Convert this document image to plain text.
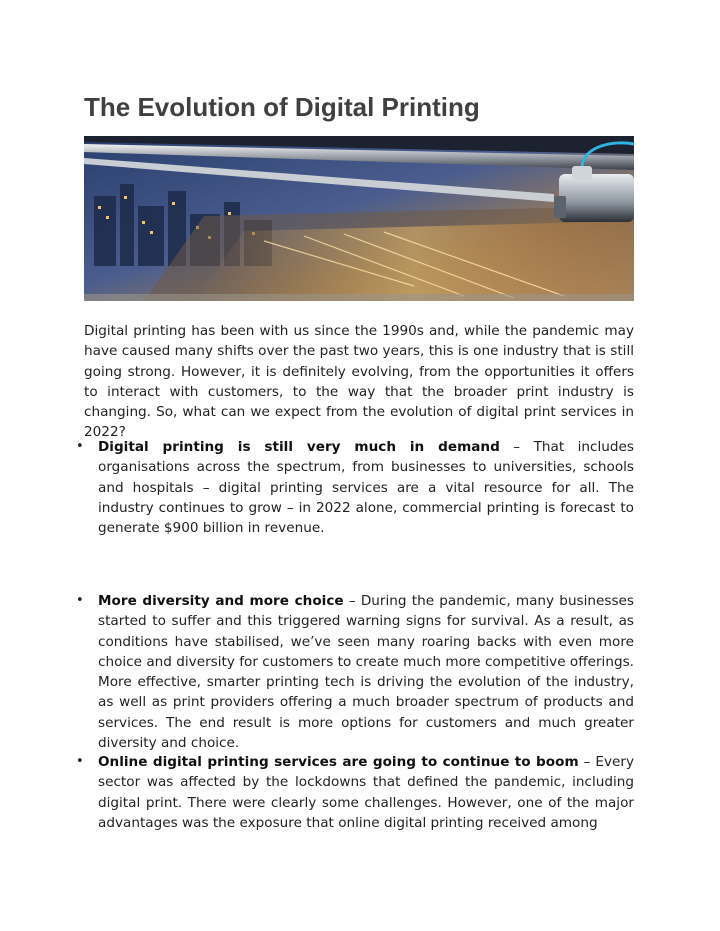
The Evolution of Digital Printing

Digital printing has been with us since the 1990s and, while the pandemic may have caused many shifts over the past two years, this is one industry that is still going strong. However, it is definitely evolving, from the opportunities it offers to interact with customers, to the way that the broader print industry is changing. So, what can we expect from the evolution of digital print services in 2022?

• Digital printing is still very much in demand – That includes organisations across the spectrum, from businesses to universities, schools and hospitals – digital printing services are a vital resource for all. The industry continues to grow – in 2022 alone, commercial printing is forecast to generate $900 billion in revenue.
• More diversity and more choice – During the pandemic, many businesses started to suffer and this triggered warning signs for survival. As a result, as conditions have stabilised, we’ve seen many roaring backs with even more choice and diversity for customers to create much more competitive offerings. More effective, smarter printing tech is driving the evolution of the industry, as well as print providers offering a much broader spectrum of products and services. The end result is more options for customers and much greater diversity and choice.
• Online digital printing services are going to continue to boom – Every sector was affected by the lockdowns that defined the pandemic, including digital print. There were clearly some challenges. However, one of the major advantages was the exposure that online digital printing received among
